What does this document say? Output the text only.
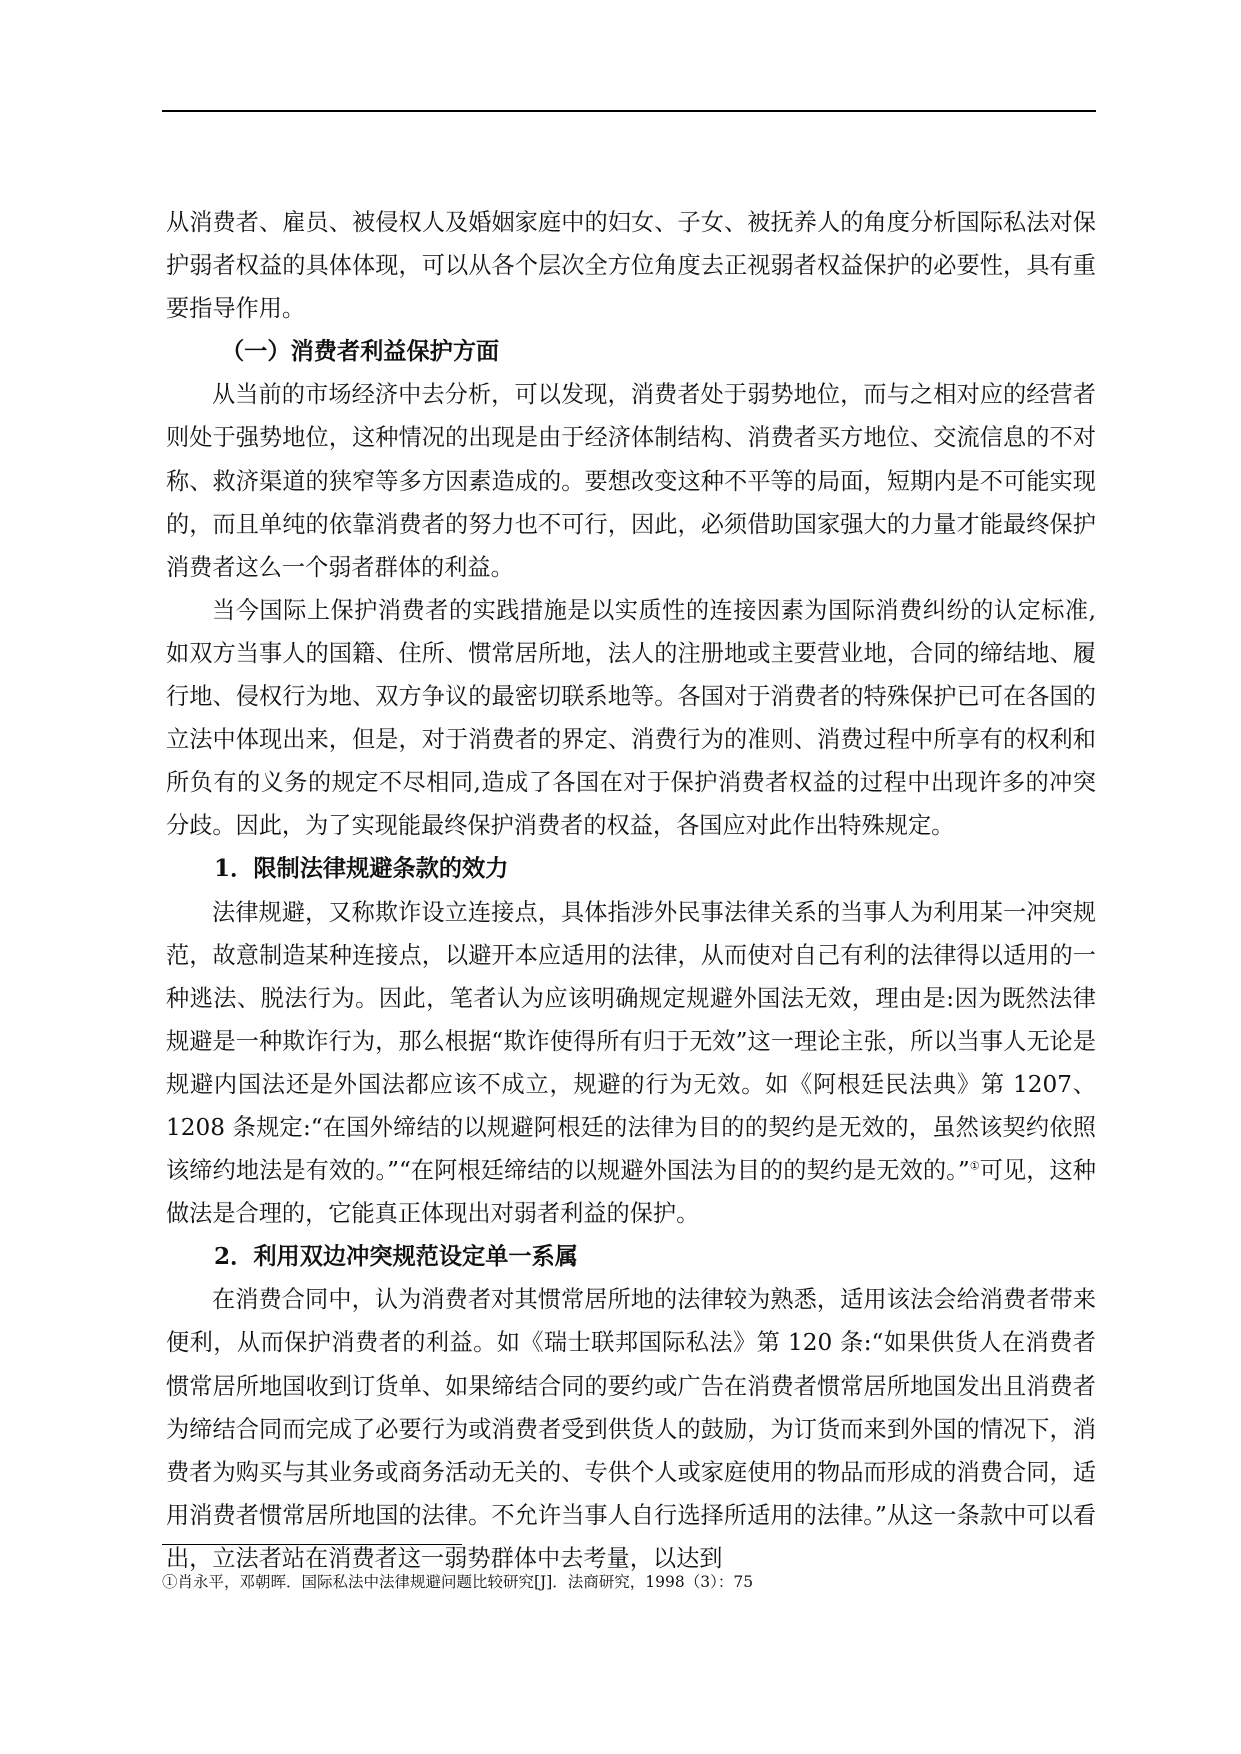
从消费者、雇员、被侵权人及婚姻家庭中的妇女、子女、被抚养人的角度分析国际私法对保护弱者权益的具体体现，可以从各个层次全方位角度去正视弱者权益保护的必要性，具有重要指导作用。

（一）消费者利益保护方面

从当前的市场经济中去分析，可以发现，消费者处于弱势地位，而与之相对应的经营者则处于强势地位，这种情况的出现是由于经济体制结构、消费者买方地位、交流信息的不对称、救济渠道的狭窄等多方因素造成的。要想改变这种不平等的局面，短期内是不可能实现的，而且单纯的依靠消费者的努力也不可行，因此，必须借助国家强大的力量才能最终保护消费者这么一个弱者群体的利益。

当今国际上保护消费者的实践措施是以实质性的连接因素为国际消费纠纷的认定标准,如双方当事人的国籍、住所、惯常居所地，法人的注册地或主要营业地，合同的缔结地、履行地、侵权行为地、双方争议的最密切联系地等。各国对于消费者的特殊保护已可在各国的立法中体现出来，但是，对于消费者的界定、消费行为的准则、消费过程中所享有的权利和所负有的义务的规定不尽相同,造成了各国在对于保护消费者权益的过程中出现许多的冲突分歧。因此，为了实现能最终保护消费者的权益，各国应对此作出特殊规定。

1．限制法律规避条款的效力

法律规避，又称欺诈设立连接点，具体指涉外民事法律关系的当事人为利用某一冲突规范，故意制造某种连接点，以避开本应适用的法律，从而使对自己有利的法律得以适用的一种逃法、脱法行为。因此，笔者认为应该明确规定规避外国法无效，理由是:因为既然法律规避是一种欺诈行为，那么根据“欺诈使得所有归于无效”这一理论主张，所以当事人无论是规避内国法还是外国法都应该不成立，规避的行为无效。如《阿根廷民法典》第 1207、1208 条规定:“在国外缔结的以规避阿根廷的法律为目的的契约是无效的，虽然该契约依照该缔约地法是有效的。”“在阿根廷缔结的以规避外国法为目的的契约是无效的。”①可见，这种做法是合理的，它能真正体现出对弱者利益的保护。

2．利用双边冲突规范设定单一系属

在消费合同中，认为消费者对其惯常居所地的法律较为熟悉，适用该法会给消费者带来便利，从而保护消费者的利益。如《瑞士联邦国际私法》第 120 条:“如果供货人在消费者惯常居所地国收到订货单、如果缔结合同的要约或广告在消费者惯常居所地国发出且消费者为缔结合同而完成了必要行为或消费者受到供货人的鼓励，为订货而来到外国的情况下，消费者为购买与其业务或商务活动无关的、专供个人或家庭使用的物品而形成的消费合同，适用消费者惯常居所地国的法律。不允许当事人自行选择所适用的法律。”从这一条款中可以看出，立法者站在消费者这一弱势群体中去考量，以达到

①肖永平，邓朝晖．国际私法中法律规避问题比较研究[J]．法商研究，1998（3）：75
